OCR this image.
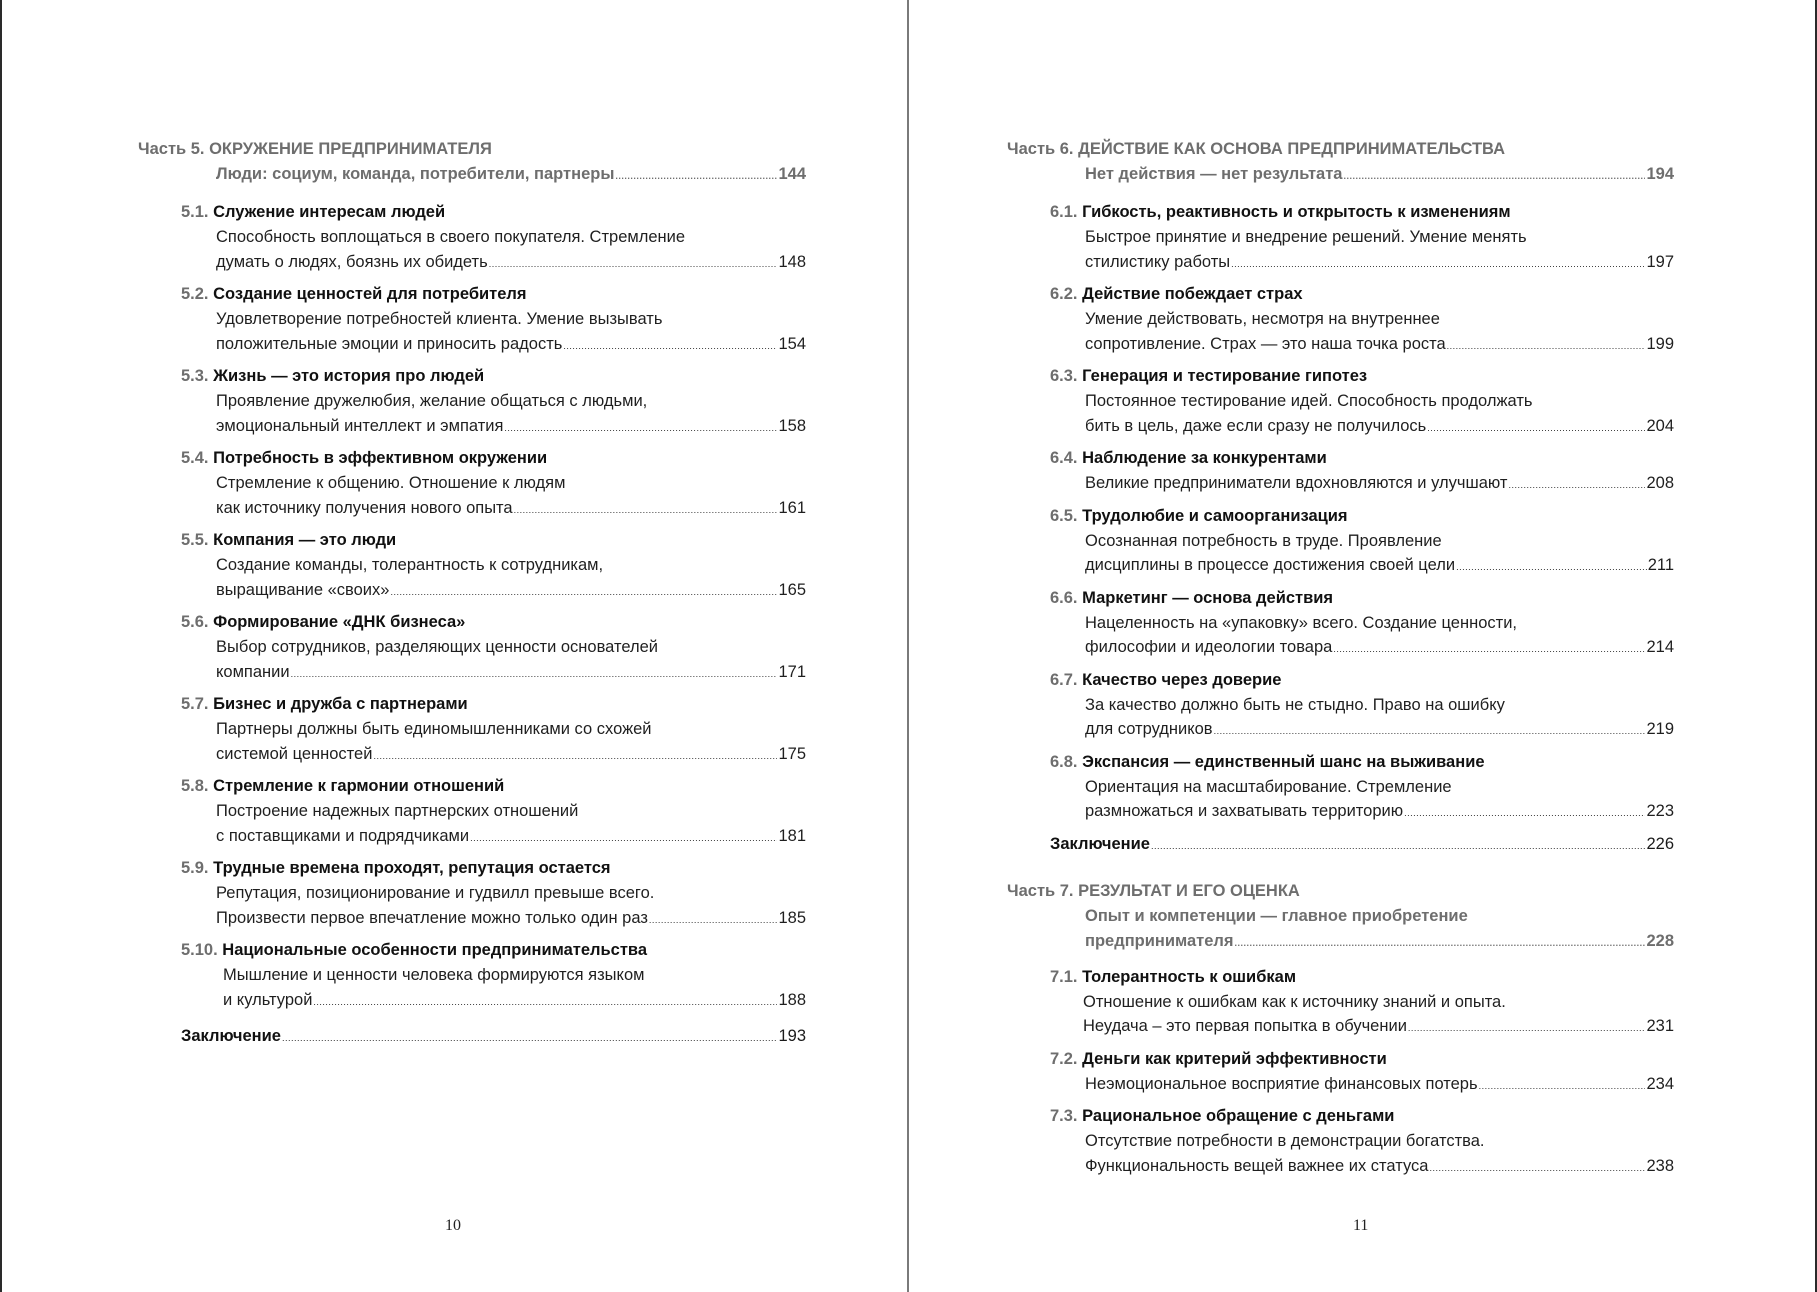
Часть 5. ОКРУЖЕНИЕ ПРЕДПРИНИМАТЕЛЯ
Люди: социум, команда, потребители, партнеры .....	144
5.1. Служение интересам людей
Способность воплощаться в своего покупателя. Стремление
думать о людях, боязнь их обидеть .....	148
5.2. Создание ценностей для потребителя
Удовлетворение потребностей клиента. Умение вызывать
положительные эмоции и приносить радость .....	154
5.3. Жизнь — это история про людей
Проявление дружелюбия, желание общаться с людьми,
эмоциональный интеллект и эмпатия .....	158
5.4. Потребность в эффективном окружении
Стремление к общению. Отношение к людям
как источнику получения нового опыта .....	161
5.5. Компания — это люди
Создание команды, толерантность к сотрудникам,
выращивание «своих» .....	165
5.6. Формирование «ДНК бизнеса»
Выбор сотрудников, разделяющих ценности основателей
компании .....	171
5.7. Бизнес и дружба с партнерами
Партнеры должны быть единомышленниками со схожей
системой ценностей .....	175
5.8. Стремление к гармонии отношений
Построение надежных партнерских отношений
с поставщиками и подрядчиками .....	181
5.9. Трудные времена проходят, репутация остается
Репутация, позиционирование и гудвилл превыше всего.
Произвести первое впечатление можно только один раз .....	185
5.10. Национальные особенности предпринимательства
Мышление и ценности человека формируются языком
и культурой .....	188
Заключение .....	193
10
Часть 6. ДЕЙСТВИЕ КАК ОСНОВА ПРЕДПРИНИМАТЕЛЬСТВА
Нет действия — нет результата .....	194
6.1. Гибкость, реактивность и открытость к изменениям
Быстрое принятие и внедрение решений. Умение менять
стилистику работы .....	197
6.2. Действие побеждает страх
Умение действовать, несмотря на внутреннее
сопротивление. Страх — это наша точка роста .....	199
6.3. Генерация и тестирование гипотез
Постоянное тестирование идей. Способность продолжать
бить в цель, даже если сразу не получилось .....	204
6.4. Наблюдение за конкурентами
Великие предприниматели вдохновляются и улучшают .....	208
6.5. Трудолюбие и самоорганизация
Осознанная потребность в труде. Проявление
дисциплины в процессе достижения своей цели .....	211
6.6. Маркетинг — основа действия
Нацеленность на «упаковку» всего. Создание ценности,
философии и идеологии товара .....	214
6.7. Качество через доверие
За качество должно быть не стыдно. Право на ошибку
для сотрудников .....	219
6.8. Экспансия — единственный шанс на выживание
Ориентация на масштабирование. Стремление
размножаться и захватывать территорию .....	223
Заключение .....	226
Часть 7. РЕЗУЛЬТАТ И ЕГО ОЦЕНКА
Опыт и компетенции — главное приобретение
предпринимателя .....	228
7.1. Толерантность к ошибкам
Отношение к ошибкам как к источнику знаний и опыта.
Неудача – это первая попытка в обучении .....	231
7.2. Деньги как критерий эффективности
Неэмоциональное восприятие финансовых потерь .....	234
7.3. Рациональное обращение с деньгами
Отсутствие потребности в демонстрации богатства.
Функциональность вещей важнее их статуса .....	238
11
